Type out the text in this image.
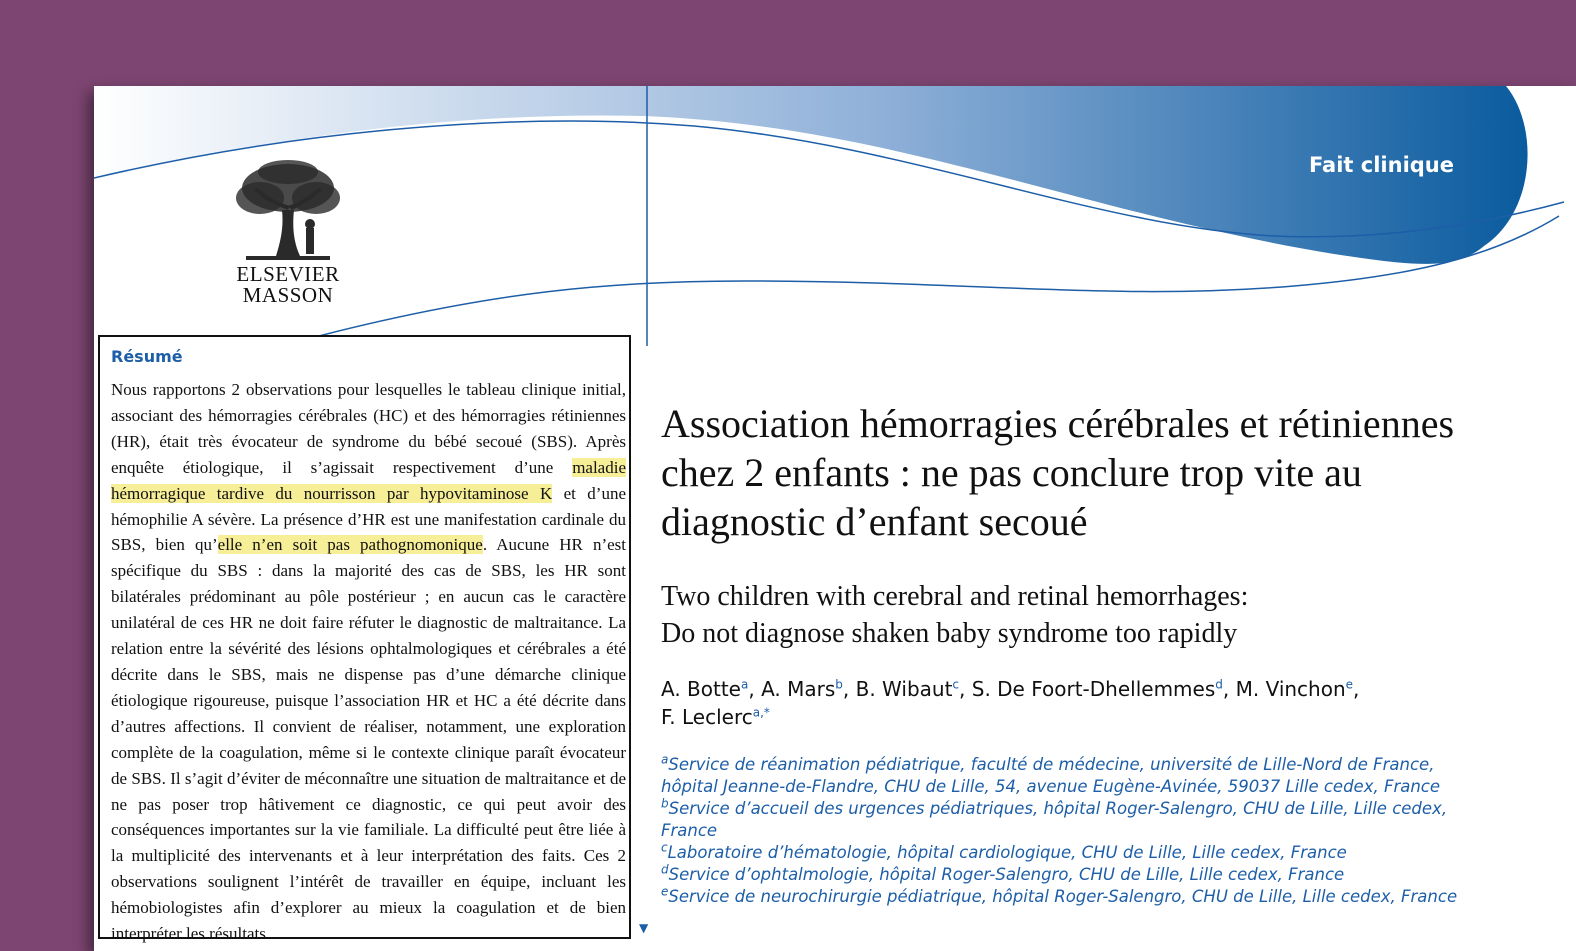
Fait clinique
ELSEVIER
MASSON
Résumé
Nous rapportons 2 observations pour lesquelles le tableau clinique initial, associant des hémorragies cérébrales (HC) et des hémorragies rétiniennes (HR), était très évocateur de syndrome du bébé secoué (SBS). Après enquête étiologique, il s’agissait respectivement d’une maladie hémorragique tardive du nourrisson par hypovitaminose K et d’une hémophilie A sévère. La présence d’HR est une manifestation cardinale du SBS, bien qu’elle n’en soit pas pathognomonique. Aucune HR n’est spécifique du SBS : dans la majorité des cas de SBS, les HR sont bilatérales prédominant au pôle postérieur ; en aucun cas le caractère unilatéral de ces HR ne doit faire réfuter le diagnostic de maltraitance. La relation entre la sévérité des lésions ophtalmologiques et cérébrales a été décrite dans le SBS, mais ne dispense pas d’une démarche clinique étiologique rigoureuse, puisque l’association HR et HC a été décrite dans d’autres affections. Il convient de réaliser, notamment, une exploration complète de la coagulation, même si le contexte clinique paraît évocateur de SBS. Il s’agit d’éviter de méconnaître une situation de maltraitance et de ne pas poser trop hâtivement ce diagnostic, ce qui peut avoir des conséquences importantes sur la vie familiale. La difficulté peut être liée à la multiplicité des intervenants et à leur interprétation des faits. Ces 2 observations soulignent l’intérêt de travailler en équipe, incluant les hémobiologistes afin d’explorer au mieux la coagulation et de bien interpréter les résultats.	▼
Association hémorragies cérébrales et rétiniennes chez 2 enfants : ne pas conclure trop vite au diagnostic d’enfant secoué
Two children with cerebral and retinal hemorrhages:
Do not diagnose shaken baby syndrome too rapidly
A. Botte$^a$, A. Mars$^b$, B. Wibaut$^c$, S. De Foort-Dhellemmes$^d$, M. Vinchon$^e$,
F. Leclerc$^{a,*}$
$^a$Service de réanimation pédiatrique, faculté de médecine, université de Lille-Nord de France, hôpital Jeanne-de-Flandre, CHU de Lille, 54, avenue Eugène-Avinée, 59037 Lille cedex, France
$^b$Service d’accueil des urgences pédiatriques, hôpital Roger-Salengro, CHU de Lille, Lille cedex, France
$^c$Laboratoire d’hématologie, hôpital cardiologique, CHU de Lille, Lille cedex, France
$^d$Service d’ophtalmologie, hôpital Roger-Salengro, CHU de Lille, Lille cedex, France
$^e$Service de neurochirurgie pédiatrique, hôpital Roger-Salengro, CHU de Lille, Lille cedex, France
